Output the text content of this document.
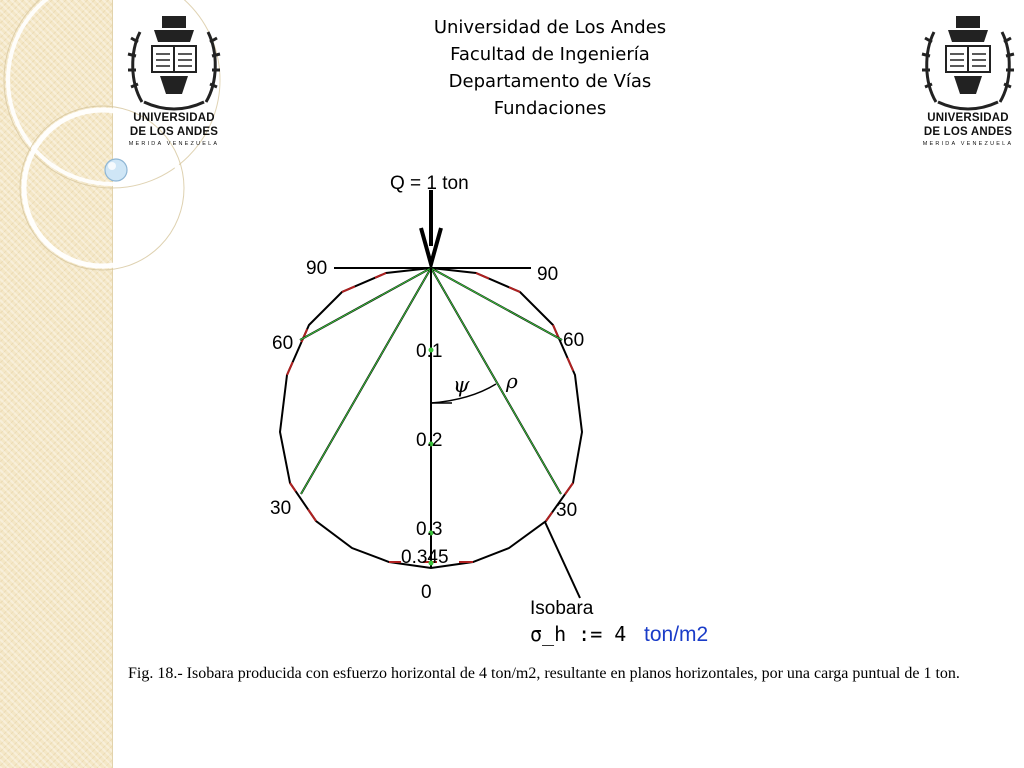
UNIVERSIDAD
DE LOS ANDES
MERIDA VENEZUELA
UNIVERSIDAD
DE LOS ANDES
MERIDA VENEZUELA
Universidad de Los Andes
Facultad de Ingeniería
Departamento de Vías
Fundaciones
Q = 1 ton
90	90
60	60
30	30
0
0.1
0.2
0.3
0.345
ψ ρ
Isobara
σ_h := 4 ton/m2
Fig. 18.- Isobara producida con esfuerzo horizontal de 4 ton/m2, resultante en planos horizontales, por una carga puntual de 1 ton.
